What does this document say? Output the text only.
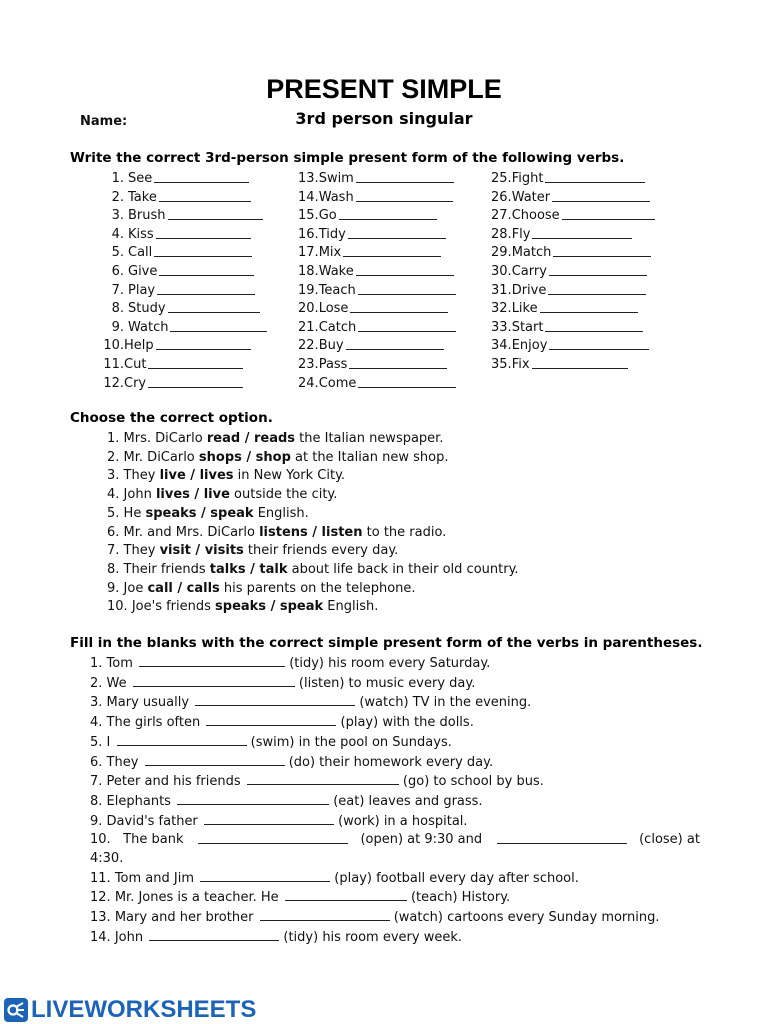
PRESENT SIMPLE
Name:	3rd person singular
Write the correct 3rd-person simple present form of the following verbs.
1. See
2. Take
3. Brush
4. Kiss
5. Call
6. Give
7. Play
8. Study
9. Watch
10. Help
11. Cut
12. Cry
13. Swim
14. Wash
15. Go
16. Tidy
17. Mix
18. Wake
19. Teach
20. Lose
21. Catch
22. Buy
23. Pass
24. Come
25. Fight
26. Water
27. Choose
28. Fly
29. Match
30. Carry
31. Drive
32. Like
33. Start
34. Enjoy
35. Fix
Choose the correct option.
1. Mrs. DiCarlo read / reads the Italian newspaper.
2. Mr. DiCarlo shops / shop at the Italian new shop.
3. They live / lives in New York City.
4. John lives / live outside the city.
5. He speaks / speak English.
6. Mr. and Mrs. DiCarlo listens / listen to the radio.
7. They visit / visits their friends every day.
8. Their friends talks / talk about life back in their old country.
9. Joe call / calls his parents on the telephone.
10. Joe's friends speaks / speak English.
Fill in the blanks with the correct simple present form of the verbs in parentheses.
1. Tom	(tidy) his room every Saturday.
2. We	(listen) to music every day.
3. Mary usually	(watch) TV in the evening.
4. The girls often	(play) with the dolls.
5. I	(swim) in the pool on Sundays.
6. They	(do) their homework every day.
7. Peter and his friends	(go) to school by bus.
8. Elephants	(eat) leaves and grass.
9. David's father	(work) in a hospital.
10. The bank	(open) at 9:30 and	(close) at
4:30.
11. Tom and Jim	(play) football every day after school.
12. Mr. Jones is a teacher. He	(teach) History.
13. Mary and her brother	(watch) cartoons every Sunday morning.
14. John	(tidy) his room every week.
LIVEWORKSHEETS
